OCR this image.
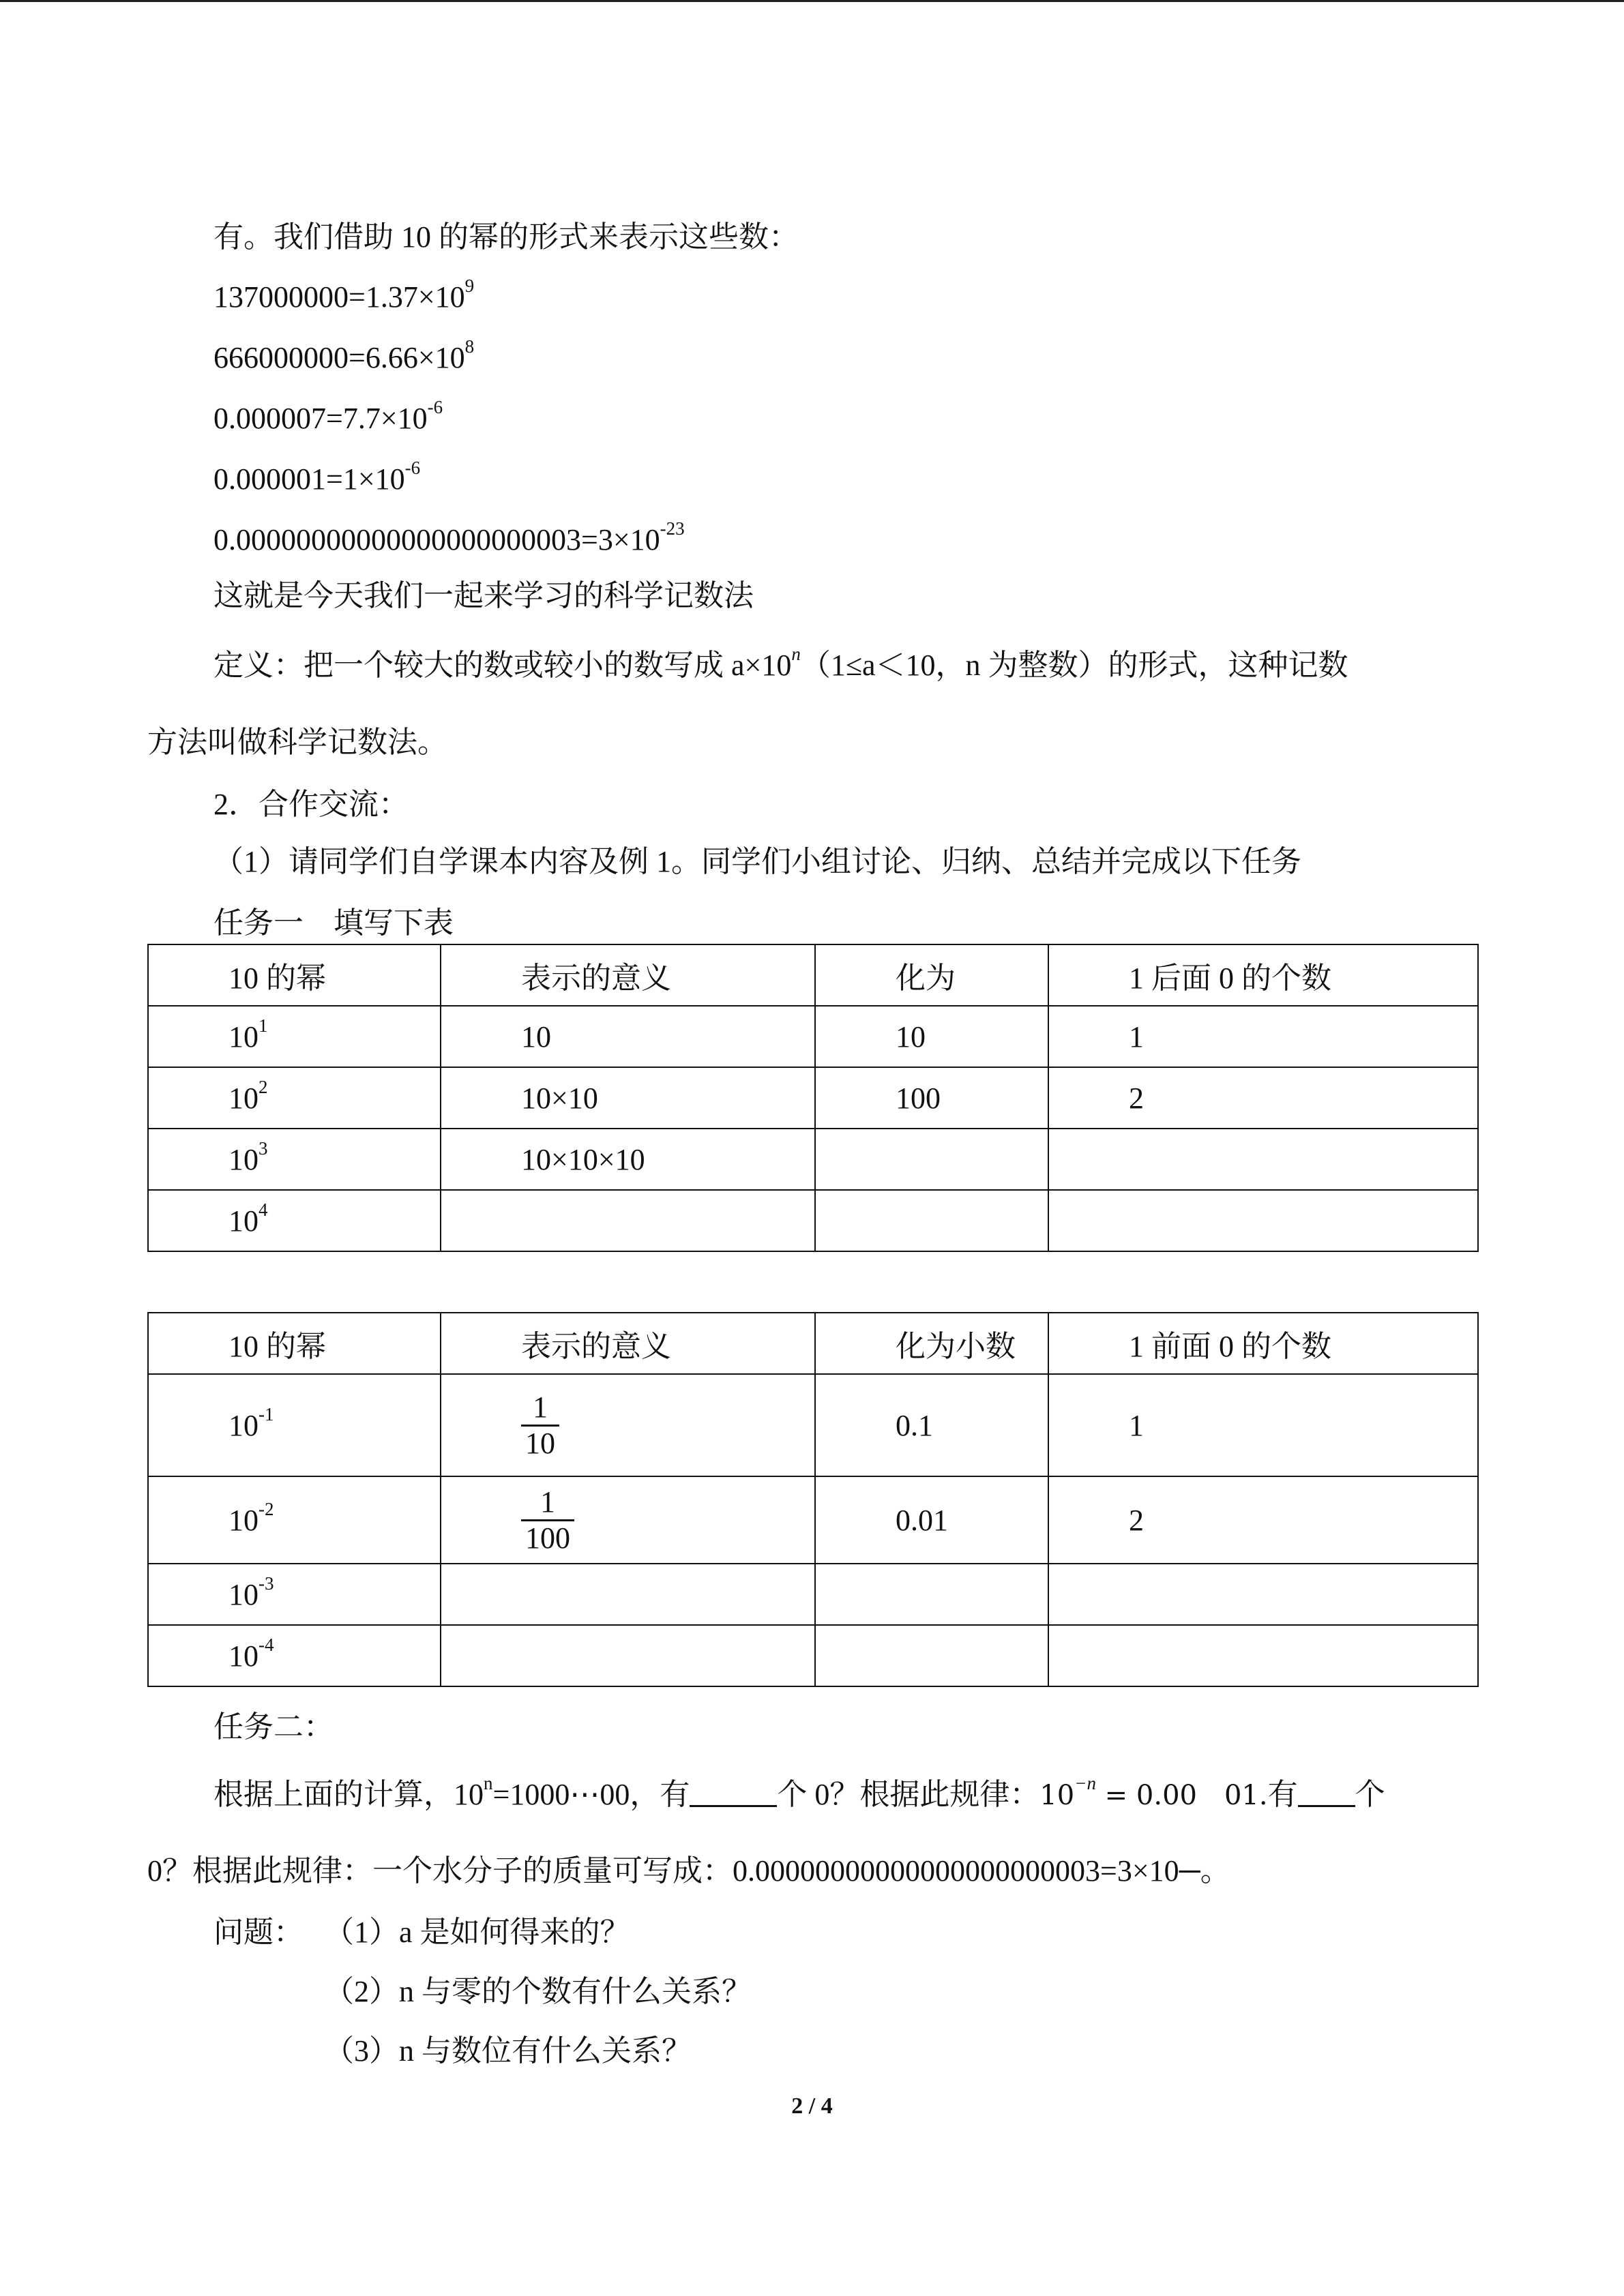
有。我们借助 10 的幂的形式来表示这些数：
$137000000=1.37\times 10^9$
$666000000=6.66\times 10^8$
$0.000007=7.7\times 10^{-6}$
$0.000001=1\times 10^{-6}$
$0.00000000000000000000003=3\times 10^{-23}$
这就是今天我们一起来学习的科学记数法
定义：把一个较大的数或较小的数写成 $a\times 10^n(1\le a<10$，n 为整数）的形式，这种记数
方法叫做科学记数法。
2．合作交流：
（1）请同学们自学课本内容及例 1。同学们小组讨论、归纳、总结并完成以下任务
任务一　填写下表
10 的幂	表示的意义	化为	1 后面 0 的个数

$10^1$	10	10	1

$10^2$	10×10	100	2

$10^3$	10×10×10		

$10^4$

10 的幂	表示的意义	化为小数	1 前面 0 的个数

$10^{-1}$	$\frac{1}{10}$	0.1	1

$10^{-2}$	$\frac{1}{100}$	0.01	2

$10^{-3}$

$10^{-4}$

任务二：
根据上面的计算，$10^n=1000\cdots 00$，有	个 0？根据此规律：$10^{-n} = 0.00$　01.有 个
0？根据此规律：一个水分子的质量可写成：0.00000000000000000000003=3×10─。
问题： （1）a 是如何得来的？
（2）n 与零的个数有什么关系？
（3）n 与数位有什么关系？
2 / 4
